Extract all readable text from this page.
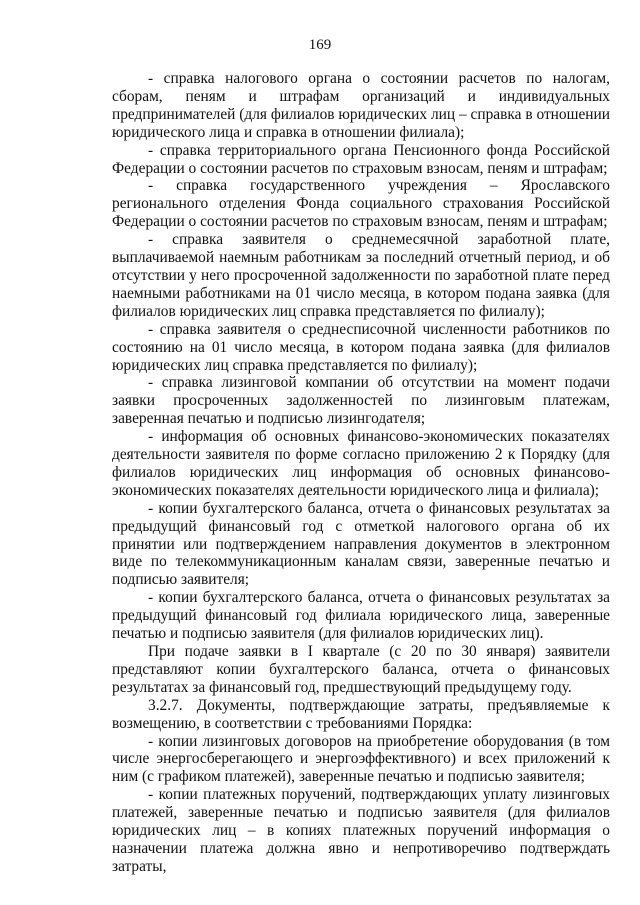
169

- справка налогового органа о состоянии расчетов по налогам, сборам, пеням и штрафам организаций и индивидуальных предпринимателей (для филиалов юридических лиц – справка в отношении юридического лица и справка в отношении филиала);

- справка территориального органа Пенсионного фонда Российской Федерации о состоянии расчетов по страховым взносам, пеням и штрафам;

- справка государственного учреждения – Ярославского регионального отделения Фонда социального страхования Российской Федерации о состоянии расчетов по страховым взносам, пеням и штрафам;

- справка заявителя о среднемесячной заработной плате, выплачиваемой наемным работникам за последний отчетный период, и об отсутствии у него просроченной задолженности по заработной плате перед наемными работниками на 01 число месяца, в котором подана заявка (для филиалов юридических лиц справка представляется по филиалу);

- справка заявителя о среднесписочной численности работников по состоянию на 01 число месяца, в котором подана заявка (для филиалов юридических лиц справка представляется по филиалу);

- справка лизинговой компании об отсутствии на момент подачи заявки просроченных задолженностей по лизинговым платежам, заверенная печатью и подписью лизингодателя;

- информация об основных финансово-экономических показателях деятельности заявителя по форме согласно приложению 2 к Порядку (для филиалов юридических лиц информация об основных финансово-экономических показателях деятельности юридического лица и филиала);

- копии бухгалтерского баланса, отчета о финансовых результатах за предыдущий финансовый год с отметкой налогового органа об их принятии или подтверждением направления документов в электронном виде по телекоммуникационным каналам связи, заверенные печатью и подписью заявителя;

- копии бухгалтерского баланса, отчета о финансовых результатах за предыдущий финансовый год филиала юридического лица, заверенные печатью и подписью заявителя (для филиалов юридических лиц).

При подаче заявки в I квартале (с 20 по 30 января) заявители представляют копии бухгалтерского баланса, отчета о финансовых результатах за финансовый год, предшествующий предыдущему году.

3.2.7. Документы, подтверждающие затраты, предъявляемые к возмещению, в соответствии с требованиями Порядка:

- копии лизинговых договоров на приобретение оборудования (в том числе энергосберегающего и энергоэффективного) и всех приложений к ним (с графиком платежей), заверенные печатью и подписью заявителя;

- копии платежных поручений, подтверждающих уплату лизинговых платежей, заверенные печатью и подписью заявителя (для филиалов юридических лиц – в копиях платежных поручений информация о назначении платежа должна явно и непротиворечиво подтверждать затраты,
